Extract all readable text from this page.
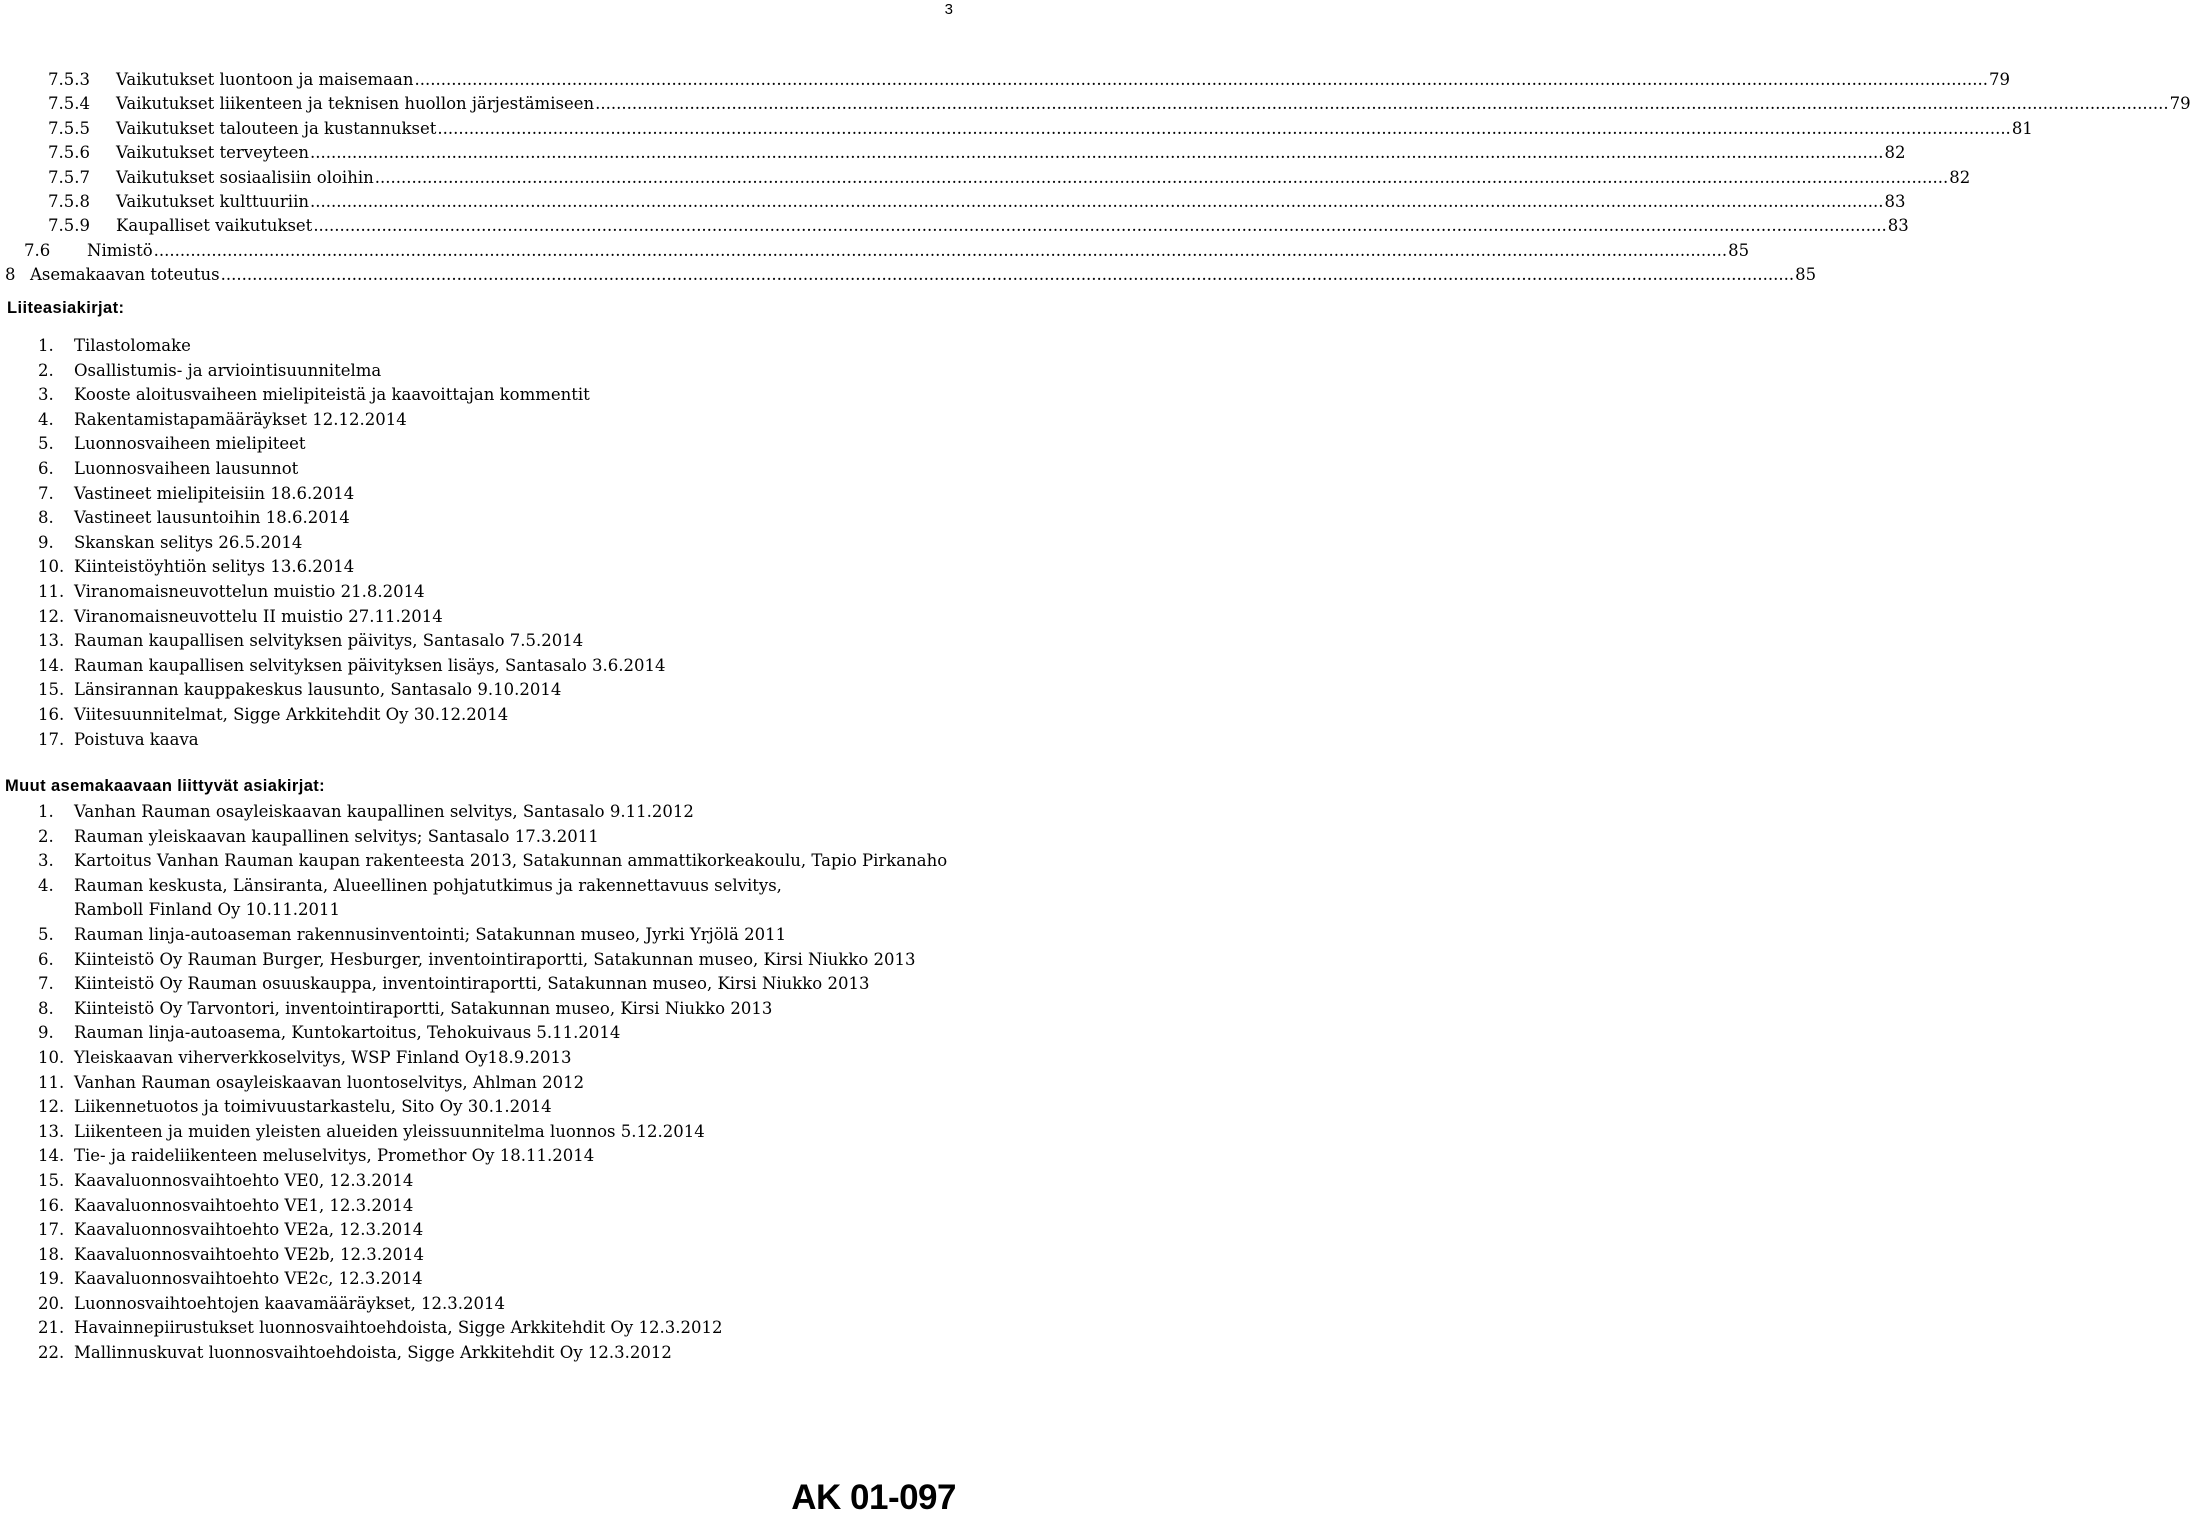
3
7.5.3 Vaikutukset luontoon ja maisemaan ............................................................................................................................................................................................................................................................................................................ 79
7.5.4 Vaikutukset liikenteen ja teknisen huollon järjestämiseen ............................................................................................................................................................................................................................................................................................................ 79
7.5.5 Vaikutukset talouteen ja kustannukset ............................................................................................................................................................................................................................................................................................................ 81
7.5.6 Vaikutukset terveyteen ............................................................................................................................................................................................................................................................................................................ 82
7.5.7 Vaikutukset sosiaalisiin oloihin ............................................................................................................................................................................................................................................................................................................ 82
7.5.8 Vaikutukset kulttuuriin ............................................................................................................................................................................................................................................................................................................ 83
7.5.9 Kaupalliset vaikutukset ............................................................................................................................................................................................................................................................................................................ 83
7.6 Nimistö ............................................................................................................................................................................................................................................................................................................ 85
8 Asemakaavan toteutus ............................................................................................................................................................................................................................................................................................................ 85
Liiteasiakirjat:
1. Tilastolomake
2. Osallistumis- ja arviointisuunnitelma
3. Kooste aloitusvaiheen mielipiteistä ja kaavoittajan kommentit
4. Rakentamistapamääräykset 12.12.2014
5. Luonnosvaiheen mielipiteet
6. Luonnosvaiheen lausunnot
7. Vastineet mielipiteisiin 18.6.2014
8. Vastineet lausuntoihin 18.6.2014
9. Skanskan selitys 26.5.2014
10. Kiinteistöyhtiön selitys 13.6.2014
11. Viranomaisneuvottelun muistio 21.8.2014
12. Viranomaisneuvottelu II muistio 27.11.2014
13. Rauman kaupallisen selvityksen päivitys, Santasalo 7.5.2014
14. Rauman kaupallisen selvityksen päivityksen lisäys, Santasalo 3.6.2014
15. Länsirannan kauppakeskus lausunto, Santasalo 9.10.2014
16. Viitesuunnitelmat, Sigge Arkkitehdit Oy 30.12.2014
17. Poistuva kaava
Muut asemakaavaan liittyvät asiakirjat:
1. Vanhan Rauman osayleiskaavan kaupallinen selvitys, Santasalo 9.11.2012
2. Rauman yleiskaavan kaupallinen selvitys; Santasalo 17.3.2011
3. Kartoitus Vanhan Rauman kaupan rakenteesta 2013, Satakunnan ammattikorkeakoulu, Tapio Pirkanaho
4. Rauman keskusta, Länsiranta, Alueellinen pohjatutkimus ja rakennettavuus selvitys,
Ramboll Finland Oy 10.11.2011
5. Rauman linja-autoaseman rakennusinventointi; Satakunnan museo, Jyrki Yrjölä 2011
6. Kiinteistö Oy Rauman Burger, Hesburger, inventointiraportti, Satakunnan museo, Kirsi Niukko 2013
7. Kiinteistö Oy Rauman osuuskauppa, inventointiraportti, Satakunnan museo, Kirsi Niukko 2013
8. Kiinteistö Oy Tarvontori, inventointiraportti, Satakunnan museo, Kirsi Niukko 2013
9. Rauman linja-autoasema, Kuntokartoitus, Tehokuivaus 5.11.2014
10. Yleiskaavan viherverkkoselvitys, WSP Finland Oy18.9.2013
11. Vanhan Rauman osayleiskaavan luontoselvitys, Ahlman 2012
12. Liikennetuotos ja toimivuustarkastelu, Sito Oy 30.1.2014
13. Liikenteen ja muiden yleisten alueiden yleissuunnitelma luonnos 5.12.2014
14. Tie- ja raideliikenteen meluselvitys, Promethor Oy 18.11.2014
15. Kaavaluonnosvaihtoehto VE0, 12.3.2014
16. Kaavaluonnosvaihtoehto VE1, 12.3.2014
17. Kaavaluonnosvaihtoehto VE2a, 12.3.2014
18. Kaavaluonnosvaihtoehto VE2b, 12.3.2014
19. Kaavaluonnosvaihtoehto VE2c, 12.3.2014
20. Luonnosvaihtoehtojen kaavamääräykset, 12.3.2014
21. Havainnepiirustukset luonnosvaihtoehdoista, Sigge Arkkitehdit Oy 12.3.2012
22. Mallinnuskuvat luonnosvaihtoehdoista, Sigge Arkkitehdit Oy 12.3.2012
AK 01-097
